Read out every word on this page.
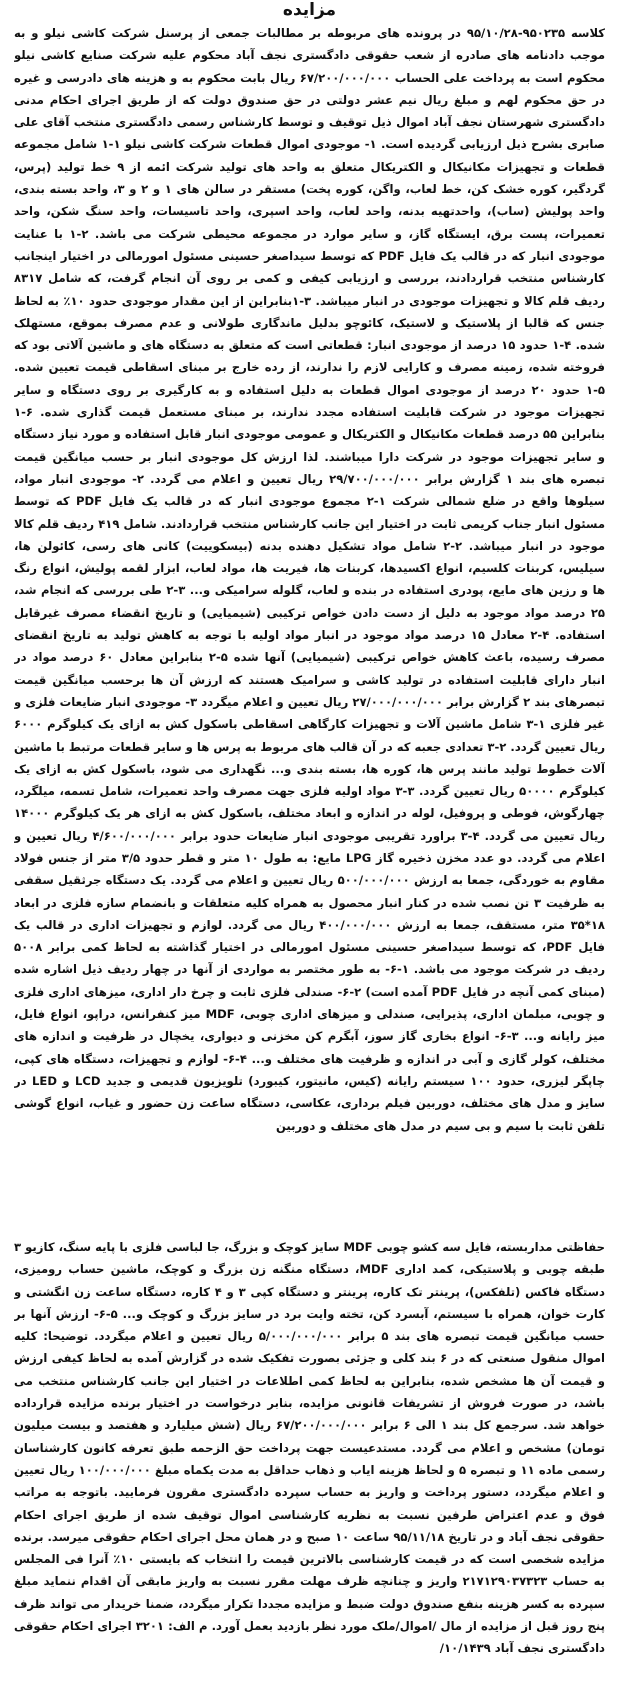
مزایده

کلاسه ۹۵۰۲۳۵-۹۵/۱۰/۲۸ در پرونده های مربوطه بر مطالبات جمعی از پرسنل شرکت کاشی نیلو و به موجب دادنامه های صادره از شعب حقوقی دادگستری نجف آباد محکوم علیه شرکت صنایع کاشی نیلو محکوم است به پرداخت علی الحساب ۶۷/۲۰۰/۰۰۰/۰۰۰ ریال بابت محکوم به و هزینه های دادرسی و غیره در حق محکوم لهم و مبلغ ریال نیم عشر دولتی در حق صندوق دولت که از طریق اجرای احکام مدنی دادگستری شهرستان نجف آباد اموال ذیل توقیف و توسط کارشناس رسمی دادگستری منتخب آقای علی صابری بشرح ذیل ارزیابی گردیده است. ۱- موجودی اموال قطعات شرکت کاشی نیلو ۱-۱ شامل مجموعه قطعات و تجهیزات مکانیکال و الکتریکال متعلق به واحد های تولید شرکت ائمه از ۹ خط تولید (پرس، گردگیر، کوره خشک کن، خط لعاب، واگن، کوره پخت) مستقر در سالن های ۱ و ۲ و ۳، واحد بسته بندی، واحد پولیش (ساب)، واحدتهیه بدنه، واحد لعاب، واحد اسپری، واحد تاسیسات، واحد سنگ شکن، واحد تعمیرات، پست برق، ایستگاه گاز، و سایر موارد در مجموعه محیطی شرکت می باشد. ۲-۱ با عنایت موجودی انبار که در قالب یک فایل PDF که توسط سیداصغر حسینی مسئول امورمالی در اختیار اینجانب کارشناس منتخب قراردادند، بررسی و ارزیابی کیفی و کمی بر روی آن انجام گرفت، که شامل ۸۳۱۷ ردیف قلم کالا و تجهیزات موجودی در انبار میباشد. ۳-۱بنابراین از این مقدار موجودی حدود ۱۰٪ به لحاظ جنس که قالبا از پلاستیک و لاستیک، کائوچو بدلیل ماندگاری طولانی و عدم مصرف بموقع، مستهلک شده. ۴-۱ حدود ۱۵ درصد از موجودی انبار: قطعاتی است که متعلق به دستگاه های و ماشین آلاتی بود که فروخته شده، زمینه مصرف و کارایی لازم را ندارند، از رده خارج بر مبنای اسقاطی قیمت تعیین شده. ۵-۱ حدود ۲۰ درصد از موجودی اموال قطعات به دلیل استفاده و به کارگیری بر روی دستگاه و سایر تجهیزات موجود در شرکت قابلیت استفاده مجدد ندارند، بر مبنای مستعمل قیمت گذاری شده. ۶-۱ بنابراین ۵۵ درصد قطعات مکانیکال و الکتریکال و عمومی موجودی انبار قابل استفاده و مورد نیاز دستگاه و سایر تجهیزات موجود در شرکت دارا میباشند. لذا ارزش کل موجودی انبار بر حسب میانگین قیمت تبصره های بند ۱ گزارش برابر ۲۹/۷۰۰/۰۰۰/۰۰۰ ریال تعیین و اعلام می گردد. ۲- موجودی انبار مواد، سیلوها واقع در ضلع شمالی شرکت ۱-۲ مجموع موجودی انبار که در قالب یک فایل PDF که توسط مسئول انبار جناب کریمی ثابت در اختیار این جانب کارشناس منتخب قراردادند. شامل ۴۱۹ ردیف قلم کالا موجود در انبار میباشد. ۲-۲ شامل مواد تشکیل دهنده بدنه (بیسکوییت) کانی های رسی، کائولن ها، سیلیس، کربنات کلسیم، انواع اکسیدها، کربنات ها، فیریت ها، مواد لعاب، ابزار لقمه پولیش، انواع رنگ ها و رزین های مایع، پودری استفاده در بنده و لعاب، گلوله سرامیکی و... ۳-۲ طی بررسی که انجام شد، ۲۵ درصد مواد موجود به دلیل از دست دادن خواص ترکیبی (شیمیایی) و تاریخ انقضاء مصرف غیرقابل استفاده. ۴-۲ معادل ۱۵ درصد مواد موجود در انبار مواد اولیه با توجه به کاهش تولید به تاریخ انقضای مصرف رسیده، باعث کاهش خواص ترکیبی (شیمیایی) آنها شده ۵-۲ بنابراین معادل ۶۰ درصد مواد در انبار دارای قابلیت استفاده در تولید کاشی و سرامیک هستند که ارزش آن ها برحسب میانگین قیمت تبصرهای بند ۲ گزارش برابر ۲۷/۰۰۰/۰۰۰/۰۰۰ ریال تعیین و اعلام میگردد ۳- موجودی انبار ضایعات فلزی و غیر فلزی ۱-۳ شامل ماشین آلات و تجهیزات کارگاهی اسقاطی باسکول کش به ازای یک کیلوگرم ۶۰۰۰ ریال تعیین گردد. ۲-۳ تعدادی جعبه که در آن قالب های مربوط به پرس ها و سایر قطعات مرتبط با ماشین آلات خطوط تولید مانند پرس ها، کوره ها، بسته بندی و... نگهداری می شود، باسکول کش به ازای یک کیلوگرم ۵۰۰۰۰ ریال تعیین گردد. ۳-۳ مواد اولیه فلزی جهت مصرف واحد تعمیرات، شامل تسمه، میلگرد، چهارگوش، فوطی و پروفیل، لوله در اندازه و ابعاد مختلف، باسکول کش به ازای هر یک کیلوگرم ۱۴۰۰۰ ریال تعیین می گردد. ۴-۳ براورد تقریبی موجودی انبار ضایعات حدود برابر ۴/۶۰۰/۰۰۰/۰۰۰ ریال تعیین و اعلام می گردد. دو عدد مخزن ذخیره گاز LPG مایع: به طول ۱۰ متر و قطر حدود ۳/۵ متر از جنس فولاد مقاوم به خوردگی، جمعا به ارزش ۵۰۰/۰۰۰/۰۰۰ ریال تعیین و اعلام می گردد. یک دستگاه جرثقیل سقفی به ظرفیت ۳ تن نصب شده در کنار انبار محصول به همراه کلیه متعلقات و بانضمام سازه فلزی در ابعاد ۱۸*۳۵ متر، مستقف، جمعا به ارزش ۴۰۰/۰۰۰/۰۰۰ ریال می گردد. لوازم و تجهیزات اداری در قالب یک فایل PDF، که توسط سیداصغر حسینی مسئول امورمالی در اختیار گذاشته به لحاظ کمی برابر ۵۰۰۸ ردیف در شرکت موجود می باشد. ۱-۶- به طور مختصر به مواردی از آنها در چهار ردیف ذیل اشاره شده (مبنای کمی آنچه در فایل PDF آمده است) ۲-۶- صندلی فلزی ثابت و چرخ دار اداری، میزهای اداری فلزی و چوبی، مبلمان اداری، پذیرایی، صندلی و میزهای اداری چوبی، MDF میز کنفرانس، دراپو، انواع فایل، میز رایانه و... ۳-۶- انواع بخاری گاز سوز، آبگرم کن مخزنی و دیواری، یخچال در ظرفیت و اندازه های مختلف، کولر گازی و آبی در اندازه و ظرفیت های مختلف و... ۴-۶- لوازم و تجهیزات، دستگاه های کپی، چاپگر لیزری، حدود ۱۰۰ سیستم رایانه (کیس، مانیتور، کیبورد) تلویزیون قدیمی و جدید LCD و LED در سایز و مدل های مختلف، دوربین فیلم برداری، عکاسی، دستگاه ساعت زن حضور و غیاب، انواع گوشی تلفن ثابت با سیم و بی سیم در مدل های مختلف و دوربین

حفاظتی مداربسته، فایل سه کشو چوبی MDF سایز کوچک و بزرگ، جا لباسی فلزی با پایه سنگ، کازیو ۳ طبقه چوبی و پلاستیکی، کمد اداری MDF، دستگاه منگنه زن بزرگ و کوچک، ماشین حساب رومیزی، دستگاه فاکس (تلفکس)، پرینتر تک کاره، پرینتر و دستگاه کپی ۳ و ۴ کاره، دستگاه ساعت زن انگشتی و کارت خوان، همراه با سیستم، آبسرد کن، تخته وایت برد در سایز بزرگ و کوچک و... ۵-۶- ارزش آنها بر حسب میانگین قیمت تبصره های بند ۵ برابر ۵/۰۰۰/۰۰۰/۰۰۰ ریال تعیین و اعلام میگردد. توضیحا: کلیه اموال منقول صنعتی که در ۶ بند کلی و جزئی بصورت تفکیک شده در گزارش آمده به لحاظ کیفی ارزش و قیمت آن ها مشخص شده، بنابراین به لحاظ کمی اطلاعات در اختیار این جانب کارشناس منتخب می باشد، در صورت فروش از تشریفات قانونی مزایده، بنابر درخواست در اختیار برنده مزایده قرارداده خواهد شد. سرجمع کل بند ۱ الی ۶ برابر ۶۷/۲۰۰/۰۰۰/۰۰۰ ریال (شش میلیارد و هفتصد و بیست میلیون تومان) مشخص و اعلام می گردد. مستدعیست جهت پرداخت حق الزحمه طبق تعرفه کانون کارشناسان رسمی ماده ۱۱ و تبصره ۵ و لحاظ هزینه ایاب و ذهاب حداقل به مدت یکماه مبلغ ۱۰۰/۰۰۰/۰۰۰ ریال تعیین و اعلام میگردد، دستور پرداخت و واریز به حساب سپرده دادگستری مقرون فرمایید. باتوجه به مراتب فوق و عدم اعتراض طرفین نسبت به نظریه کارشناسی اموال توقیف شده از طریق اجرای احکام حقوقی نجف آباد و در تاریخ ۹۵/۱۱/۱۸ ساعت ۱۰ صبح و در همان محل اجرای احکام حقوقی میرسد. برنده مزایده شخصی است که در قیمت کارشناسی بالاترین قیمت را انتخاب که بایستی ۱۰٪ آنرا فی المجلس به حساب ۲۱۷۱۲۹۰۳۷۳۲۳ واریز و چنانچه ظرف مهلت مقرر نسبت به واریز مابقی آن اقدام ننماید مبلغ سپرده به کسر هزینه بنفع صندوق دولت ضبط و مزایده مجددا تکرار میگردد، ضمنا خریدار می تواند ظرف پنج روز قبل از مزایده از مال /اموال/ملک مورد نظر بازدید بعمل آورد. م الف: ۳۲۰۱ اجرای احکام حقوقی دادگستری نجف آباد ۱۰/۱۴۳۹/
